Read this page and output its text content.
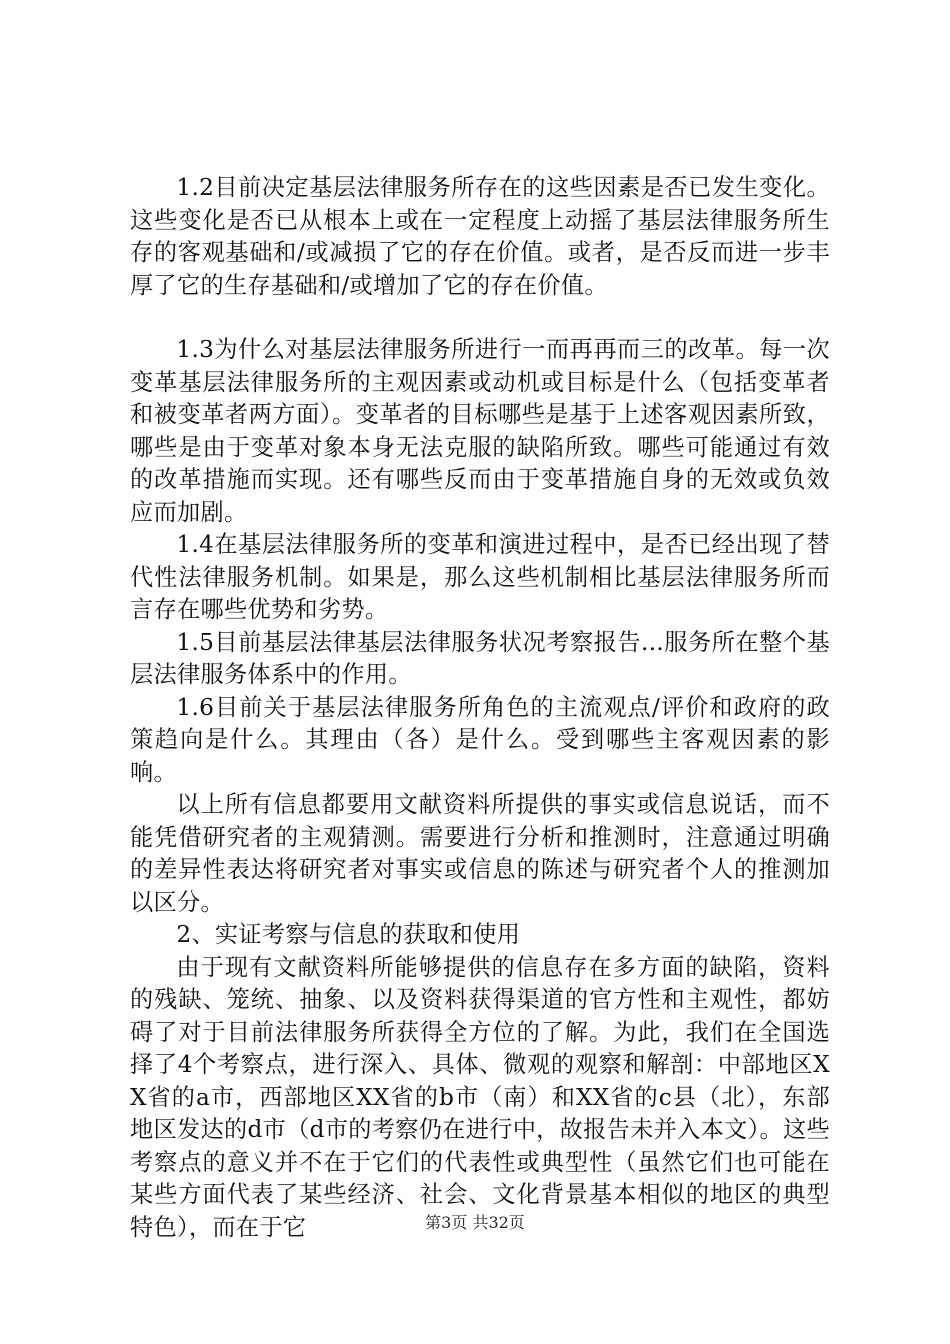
1.2目前决定基层法律服务所存在的这些因素是否已发生变化。这些变化是否已从根本上或在一定程度上动摇了基层法律服务所生存的客观基础和/或减损了它的存在价值。或者，是否反而进一步丰厚了它的生存基础和/或增加了它的存在价值。

1.3为什么对基层法律服务所进行一而再再而三的改革。每一次变革基层法律服务所的主观因素或动机或目标是什么（包括变革者和被变革者两方面）。变革者的目标哪些是基于上述客观因素所致，哪些是由于变革对象本身无法克服的缺陷所致。哪些可能通过有效的改革措施而实现。还有哪些反而由于变革措施自身的无效或负效应而加剧。

1.4在基层法律服务所的变革和演进过程中，是否已经出现了替代性法律服务机制。如果是，那么这些机制相比基层法律服务所而言存在哪些优势和劣势。

1.5目前基层法律基层法律服务状况考察报告...服务所在整个基层法律服务体系中的作用。

1.6目前关于基层法律服务所角色的主流观点/评价和政府的政策趋向是什么。其理由（各）是什么。受到哪些主客观因素的影响。

以上所有信息都要用文献资料所提供的事实或信息说话，而不能凭借研究者的主观猜测。需要进行分析和推测时，注意通过明确的差异性表达将研究者对事实或信息的陈述与研究者个人的推测加以区分。

2、实证考察与信息的获取和使用

由于现有文献资料所能够提供的信息存在多方面的缺陷，资料的残缺、笼统、抽象、以及资料获得渠道的官方性和主观性，都妨碍了对于目前法律服务所获得全方位的了解。为此，我们在全国选择了4个考察点，进行深入、具体、微观的观察和解剖：中部地区XX省的a市，西部地区XX省的b市（南）和XX省的c县（北），东部地区发达的d市（d市的考察仍在进行中，故报告未并入本文）。这些考察点的意义并不在于它们的代表性或典型性（虽然它们也可能在某些方面代表了某些经济、社会、文化背景基本相似的地区的典型特色），而在于它	第3页 共32页
